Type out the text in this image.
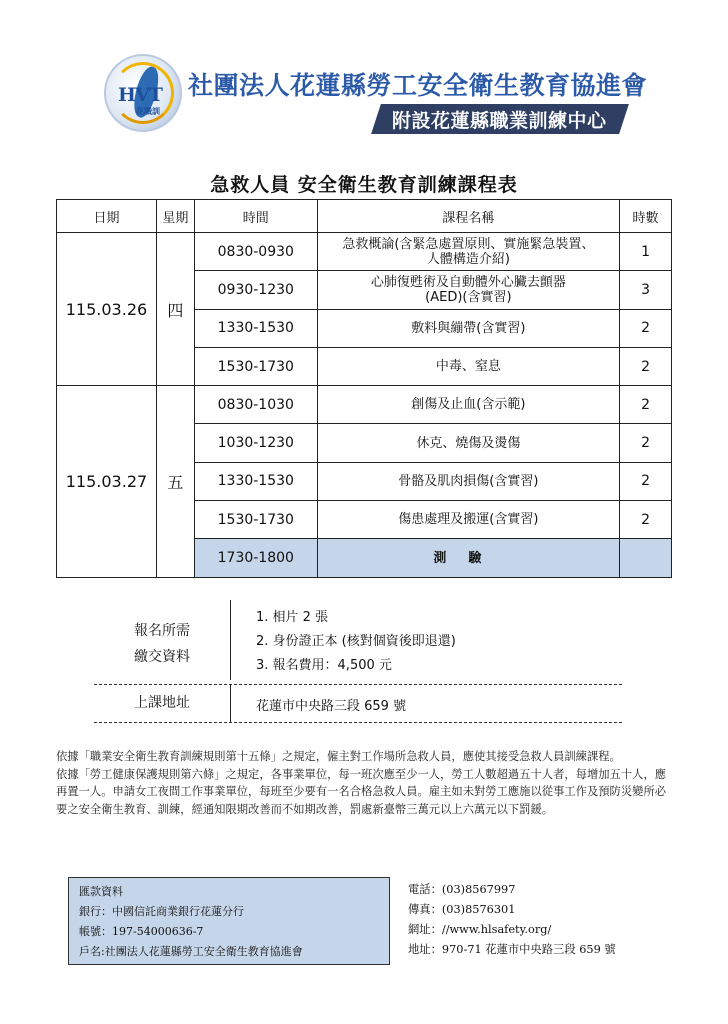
HVT
花職訓
社團法人花蓮縣勞工安全衛生教育協進會
附設花蓮縣職業訓練中心
急救人員 安全衛生教育訓練課程表
日期	星期	時間	課程名稱	時數
115.03.26	四	0830-0930	急救概論(含緊急處置原則、實施緊急裝置、
人體構造介紹)	1
		0930-1230	心肺復甦術及自動體外心臟去顫器
(AED)(含實習)	3
		1330-1530	敷料與繃帶(含實習)	2
		1530-1730	中毒、窒息	2
115.03.27	五	0830-1030	創傷及止血(含示範)	2
		1030-1230	休克、燒傷及燙傷	2
		1330-1530	骨骼及肌肉損傷(含實習)	2
		1530-1730	傷患處理及搬運(含實習)	2
		1730-1800	測驗	
報名所需
繳交資料
1. 相片 2 張
2. 身份證正本 (核對個資後即退還)
3. 報名費用：4,500 元
上課地址	花蓮市中央路三段 659 號

依據「職業安全衛生教育訓練規則第十五條」之規定，僱主對工作場所急救人員，應使其接受急救人員訓練課程。

依據「勞工健康保護規則第六條」之規定，各事業單位，每一班次應至少一人，勞工人數超過五十人者，每增加五十人，應再置一人。申請女工夜間工作事業單位，每班至少要有一名合格急救人員。雇主如未對勞工應施以從事工作及預防災變所必要之安全衛生教育、訓練，經通知限期改善而不如期改善，罰處新臺幣三萬元以上六萬元以下罰鍰。

匯款資料
銀行：中國信託商業銀行花蓮分行
帳號：197-54000636-7
戶名:社團法人花蓮縣勞工安全衛生教育協進會
電話：(03)8567997
傳真：(03)8576301
網址：//www.hlsafety.org/
地址：970-71 花蓮市中央路三段 659 號
